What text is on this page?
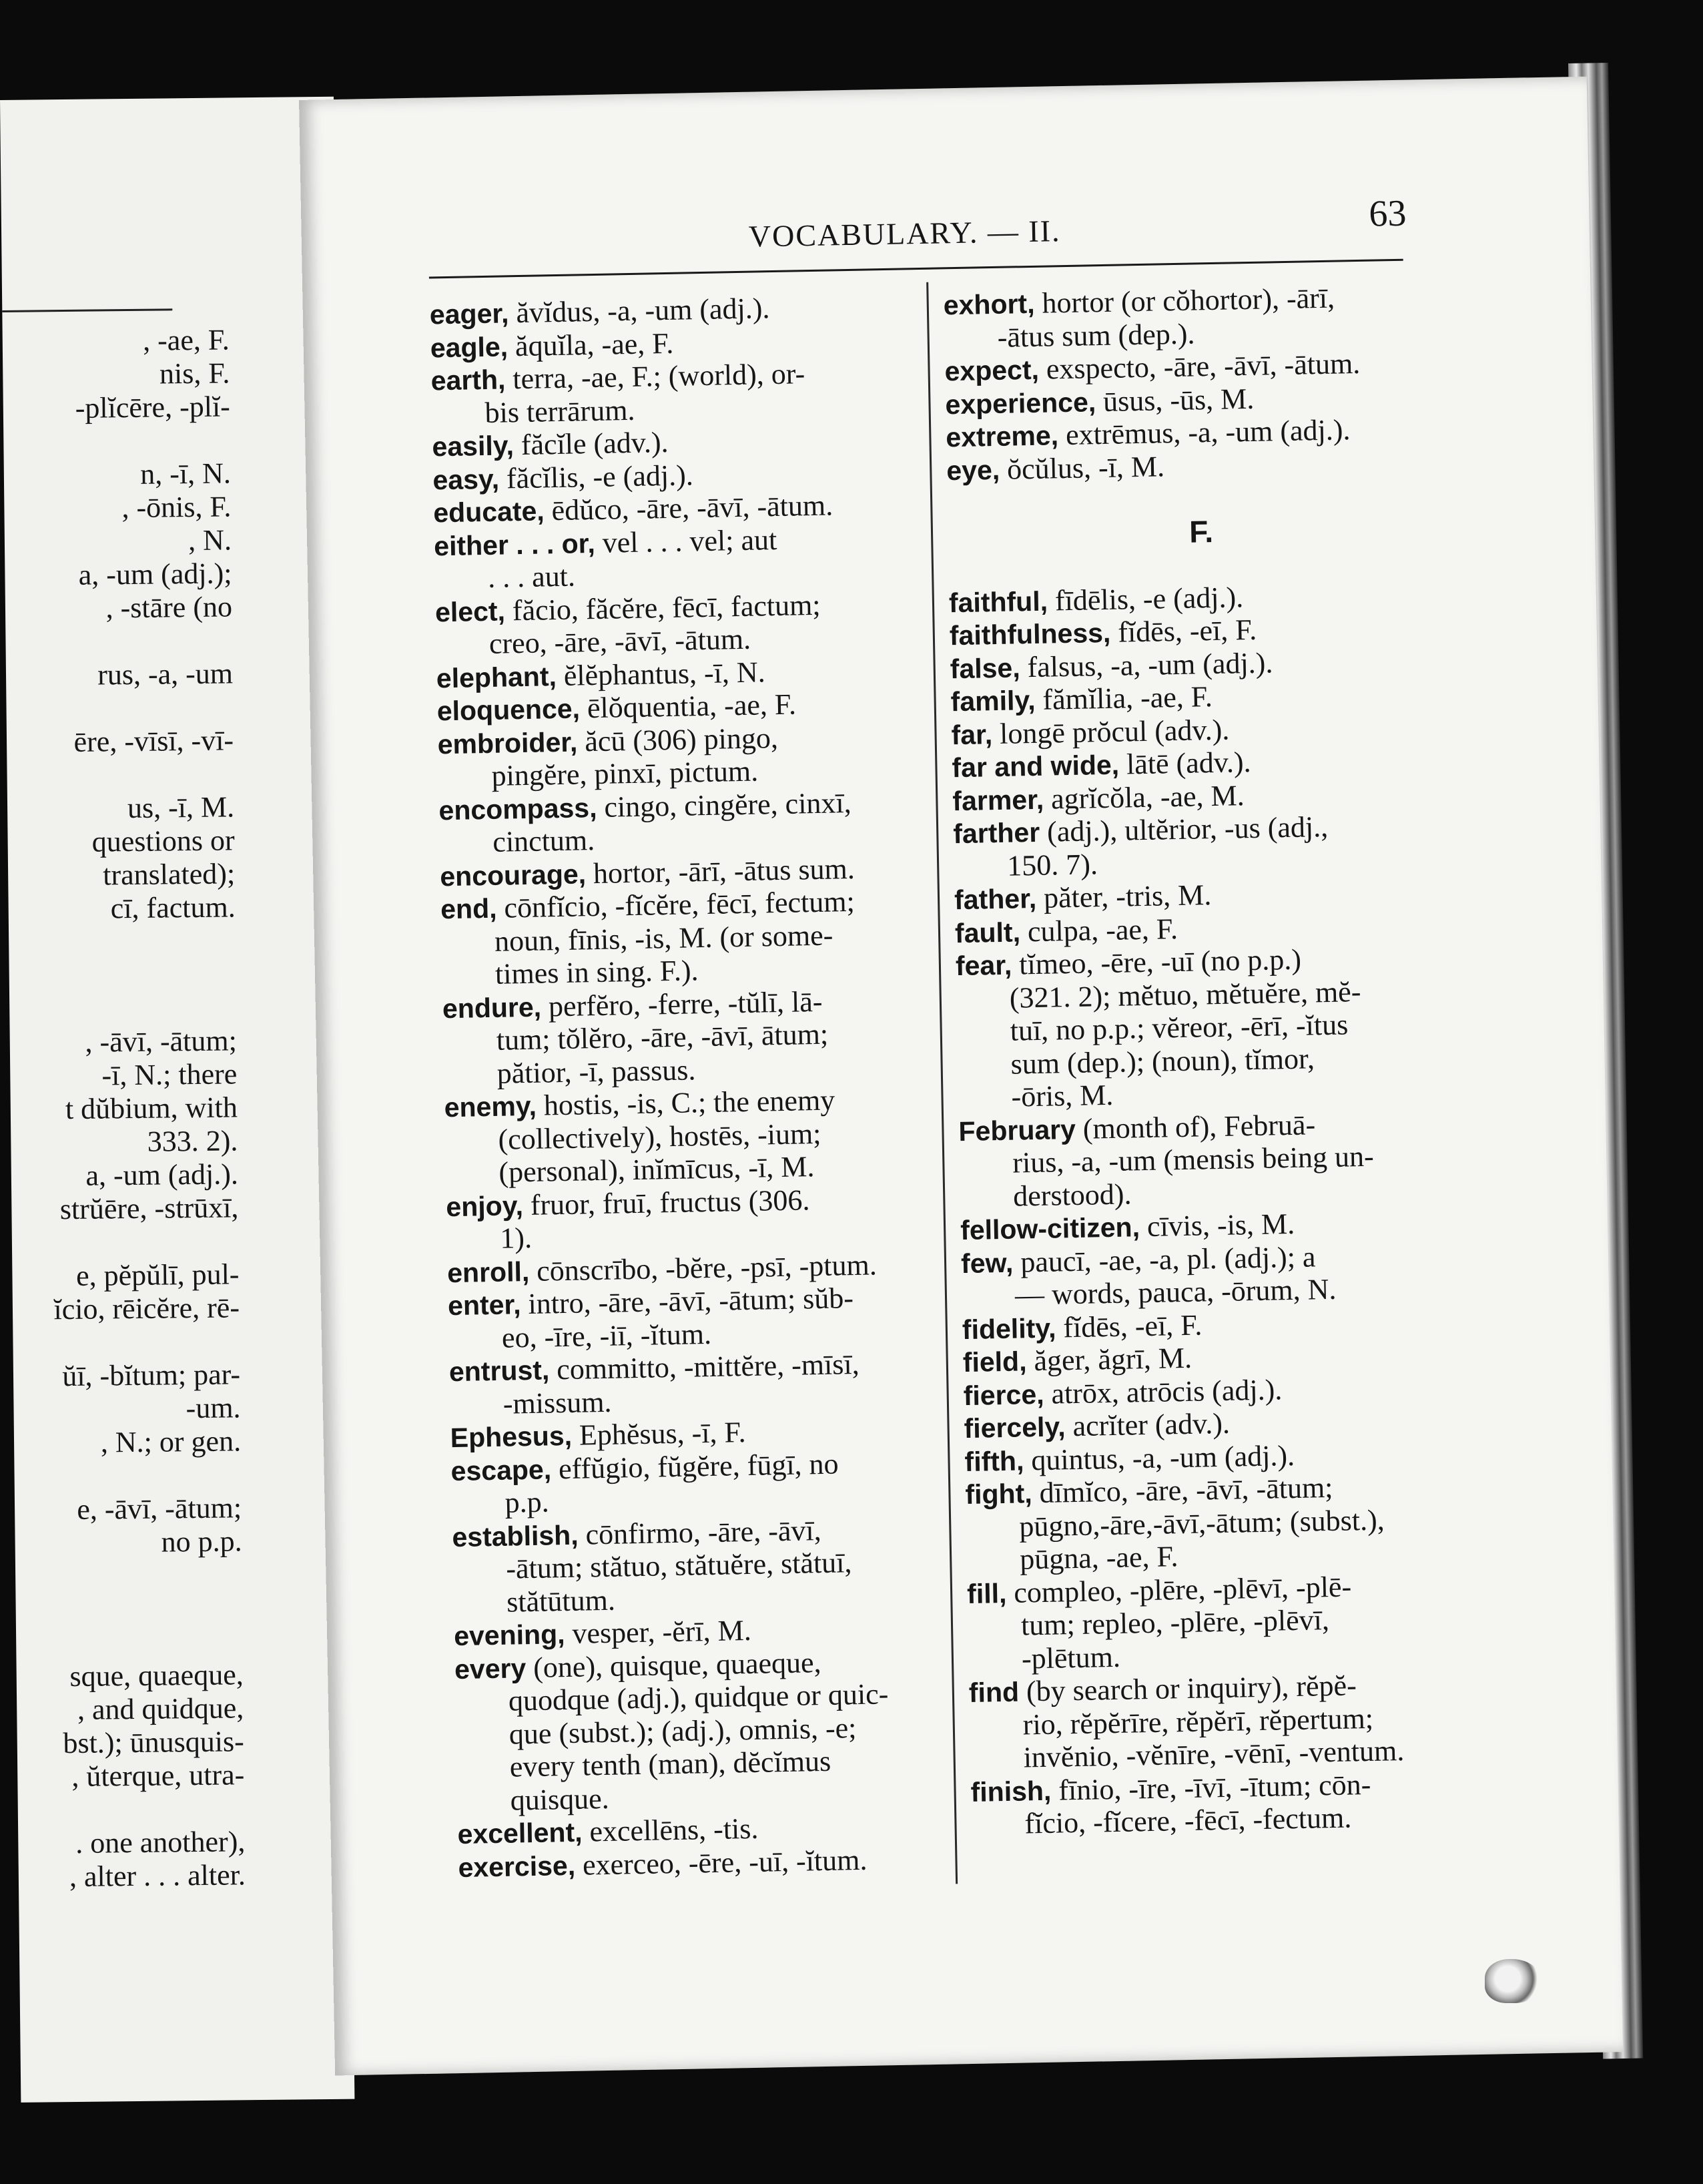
, -ae, F.
nis, F.
-plĭcēre, -plĭ-
n, -ī, N.
, -ōnis, F.
, N.
a, -um (adj.);
, -stāre (no
rus, -a, -um
ēre, -vīsī, -vī-
us, -ī, M.
questions or
translated);
cī, factum.
, -āvī, -ātum;
-ī, N.; there
t dŭbium, with
333. 2).
a, -um (adj.).
strŭēre, -strūxī,
e, pĕpŭlī, pul-
ĭcio, rēicĕre, rē-
ŭī, -bĭtum; par-
-um.
, N.; or gen.
e, -āvī, -ātum;
no p.p.
sque, quaeque,
, and quidque,
bst.); ūnusquis-
, ŭterque, utra-
. one another),
, alter . . . alter.
VOCABULARY. — II.	63
eager, ăvĭdus, -a, -um (adj.).
eagle, ăquĭla, -ae, F.
earth, terra, -ae, F.; (world), or-
bis terrārum.
easily, făcĭle (adv.).
easy, făcĭlis, -e (adj.).
educate, ēdŭco, -āre, -āvī, -ātum.
either . . . or, vel . . . vel; aut
. . . aut.
elect, făcio, făcĕre, fēcī, factum;
creo, -āre, -āvī, -ātum.
elephant, ĕlĕphantus, -ī, N.
eloquence, ēlŏquentia, -ae, F.
embroider, ăcū (306) pingo,
pingĕre, pinxī, pictum.
encompass, cingo, cingĕre, cinxī,
cinctum.
encourage, hortor, -ārī, -ātus sum.
end, cōnfĭcio, -fĭcĕre, fēcī, fectum;
noun, fīnis, -is, M. (or some-
times in sing. F.).
endure, perfĕro, -ferre, -tŭlī, lā-
tum; tŏlĕro, -āre, -āvī, ātum;
pătior, -ī, passus.
enemy, hostis, -is, C.; the enemy
(collectively), hostēs, -ium;
(personal), inĭmīcus, -ī, M.
enjoy, fruor, fruī, fructus (306.
1).
enroll, cōnscrībo, -bĕre, -psī, -ptum.
enter, intro, -āre, -āvī, -ātum; sŭb-
eo, -īre, -iī, -ĭtum.
entrust, committo, -mittĕre, -mīsī,
-missum.
Ephesus, Ephĕsus, -ī, F.
escape, effŭgio, fŭgĕre, fūgī, no
p.p.
establish, cōnfirmo, -āre, -āvī,
-ātum; stătuo, stătuĕre, stătuī,
stătūtum.
evening, vesper, -ĕrī, M.
every (one), quisque, quaeque,
quodque (adj.), quidque or quic-
que (subst.); (adj.), omnis, -e;
every tenth (man), dĕcĭmus
quisque.
excellent, excellēns, -tis.
exercise, exerceo, -ēre, -uī, -ĭtum.
exhort, hortor (or cŏhortor), -ārī,
-ātus sum (dep.).
expect, exspecto, -āre, -āvī, -ātum.
experience, ūsus, -ūs, M.
extreme, extrēmus, -a, -um (adj.).
eye, ŏcŭlus, -ī, M.
F.
faithful, fīdēlis, -e (adj.).
faithfulness, fĭdēs, -eī, F.
false, falsus, -a, -um (adj.).
family, fămĭlia, -ae, F.
far, longē prŏcul (adv.).
far and wide, lātē (adv.).
farmer, agrĭcŏla, -ae, M.
farther (adj.), ultĕrior, -us (adj.,
150. 7).
father, păter, -tris, M.
fault, culpa, -ae, F.
fear, tĭmeo, -ēre, -uī (no p.p.)
(321. 2); mĕtuo, mĕtuĕre, mĕ-
tuī, no p.p.; vĕreor, -ērī, -ĭtus
sum (dep.); (noun), tĭmor,
-ōris, M.
February (month of), Februā-
rius, -a, -um (mensis being un-
derstood).
fellow-citizen, cīvis, -is, M.
few, paucī, -ae, -a, pl. (adj.); a
— words, pauca, -ōrum, N.
fidelity, fĭdēs, -eī, F.
field, ăger, ăgrī, M.
fierce, atrōx, atrōcis (adj.).
fiercely, acrĭter (adv.).
fifth, quintus, -a, -um (adj.).
fight, dīmĭco, -āre, -āvī, -ātum;
pūgno,-āre,-āvī,-ātum; (subst.),
pūgna, -ae, F.
fill, compleo, -plēre, -plēvī, -plē-
tum; repleo, -plēre, -plēvī,
-plētum.
find (by search or inquiry), rĕpĕ-
rio, rĕpĕrīre, rĕpĕrī, rĕpertum;
invĕnio, -vĕnīre, -vēnī, -ventum.
finish, fīnio, -īre, -īvī, -ītum; cōn-
fĭcio, -fĭcere, -fēcī, -fectum.
